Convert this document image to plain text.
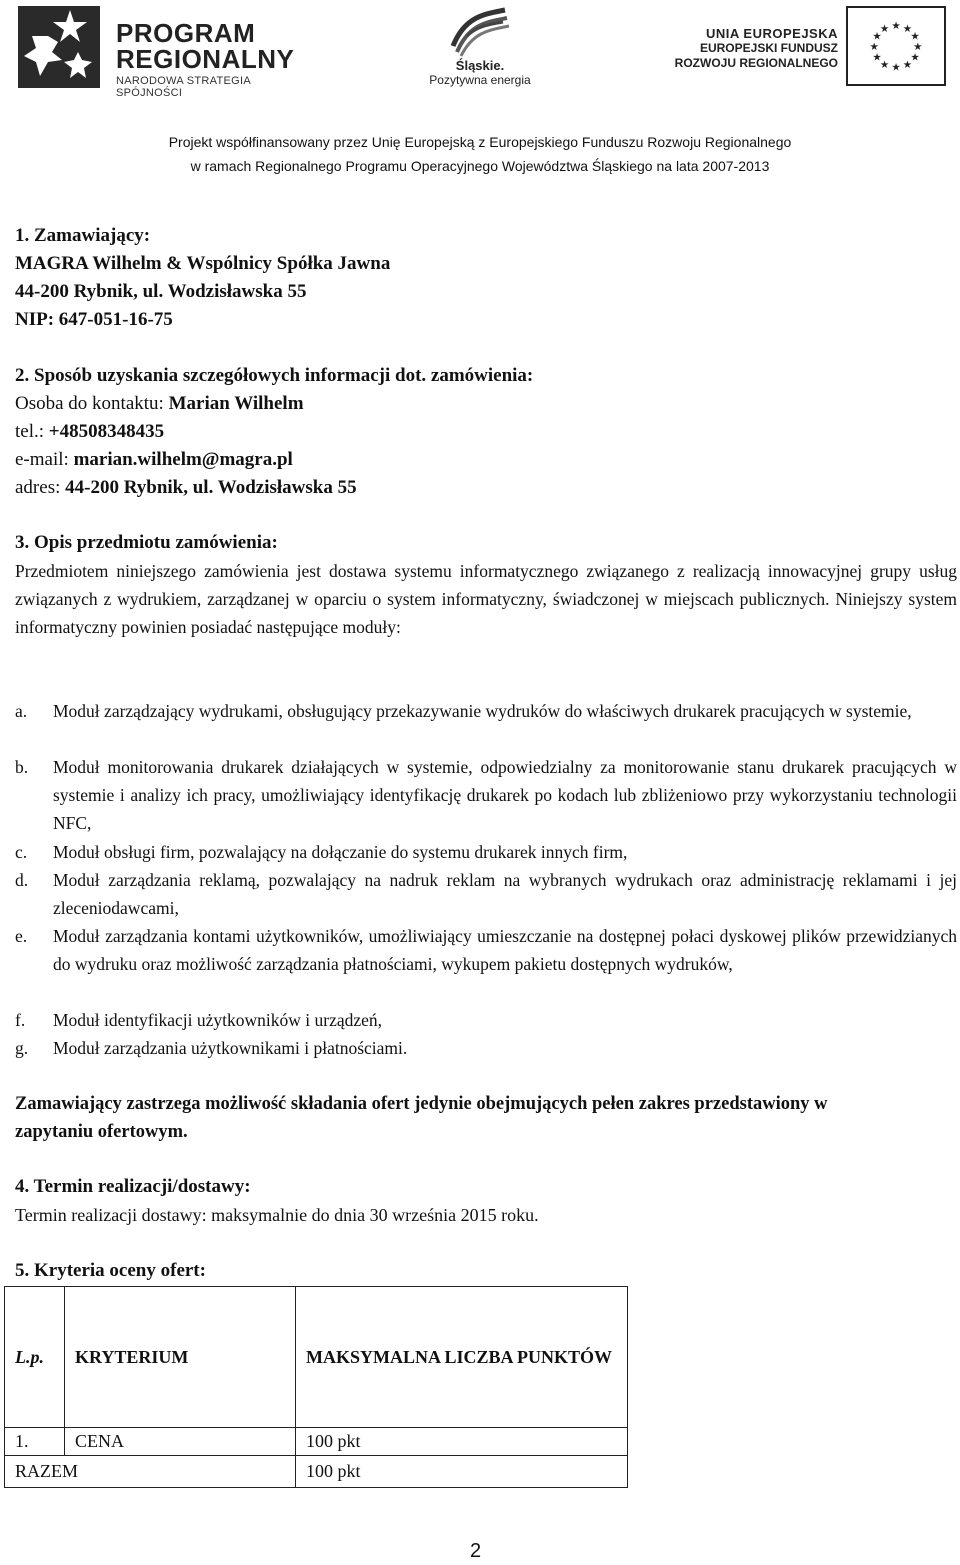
PROGRAM
REGIONALNY
NARODOWA STRATEGIA SPÓJNOŚCI
Śląskie.
Pozytywna energia
UNIA EUROPEJSKA
EUROPEJSKI FUNDUSZ
ROZWOJU REGIONALNEGO
★ ★
★
★
★
★
★
★
★
★
★
★
Projekt współfinansowany przez Unię Europejską z Europejskiego Funduszu Rozwoju Regionalnego
w ramach Regionalnego Programu Operacyjnego Województwa Śląskiego na lata 2007-2013
1. Zamawiający:
MAGRA Wilhelm & Wspólnicy Spółka Jawna
44-200 Rybnik, ul. Wodzisławska 55
NIP: 647-051-16-75
2. Sposób uzyskania szczegółowych informacji dot. zamówienia:
Osoba do kontaktu: Marian Wilhelm
tel.: +48508348435
e-mail: marian.wilhelm@magra.pl
adres: 44-200 Rybnik, ul. Wodzisławska 55
3. Opis przedmiotu zamówienia:
Przedmiotem niniejszego zamówienia jest dostawa systemu informatycznego związanego z realizacją innowacyjnej grupy usług związanych z wydrukiem, zarządzanej w oparciu o system informatyczny, świadczonej w miejscach publicznych. Niniejszy system informatyczny powinien posiadać następujące moduły:
a. Moduł zarządzający wydrukami, obsługujący przekazywanie wydruków do właściwych drukarek pracujących w systemie,
b. Moduł monitorowania drukarek działających w systemie, odpowiedzialny za monitorowanie stanu drukarek pracujących w systemie i analizy ich pracy, umożliwiający identyfikację drukarek po kodach lub zbliżeniowo przy wykorzystaniu technologii NFC,
c. Moduł obsługi firm, pozwalający na dołączanie do systemu drukarek innych firm,
d. Moduł zarządzania reklamą, pozwalający na nadruk reklam na wybranych wydrukach oraz administrację reklamami i jej zleceniodawcami,
e. Moduł zarządzania kontami użytkowników, umożliwiający umieszczanie na dostępnej połaci dyskowej plików przewidzianych do wydruku oraz możliwość zarządzania płatnościami, wykupem pakietu dostępnych wydruków,
f. Moduł identyfikacji użytkowników i urządzeń,
g. Moduł zarządzania użytkownikami i płatnościami.
Zamawiający zastrzega możliwość składania ofert jedynie obejmujących pełen zakres przedstawiony w zapytaniu ofertowym.
4. Termin realizacji/dostawy:
Termin realizacji dostawy: maksymalnie do dnia 30 września 2015 roku.
5. Kryteria oceny ofert:
L.p.	KRYTERIUM	MAKSYMALNA LICZBA PUNKTÓW
1.	CENA	100 pkt
RAZEM		100 pkt
2
